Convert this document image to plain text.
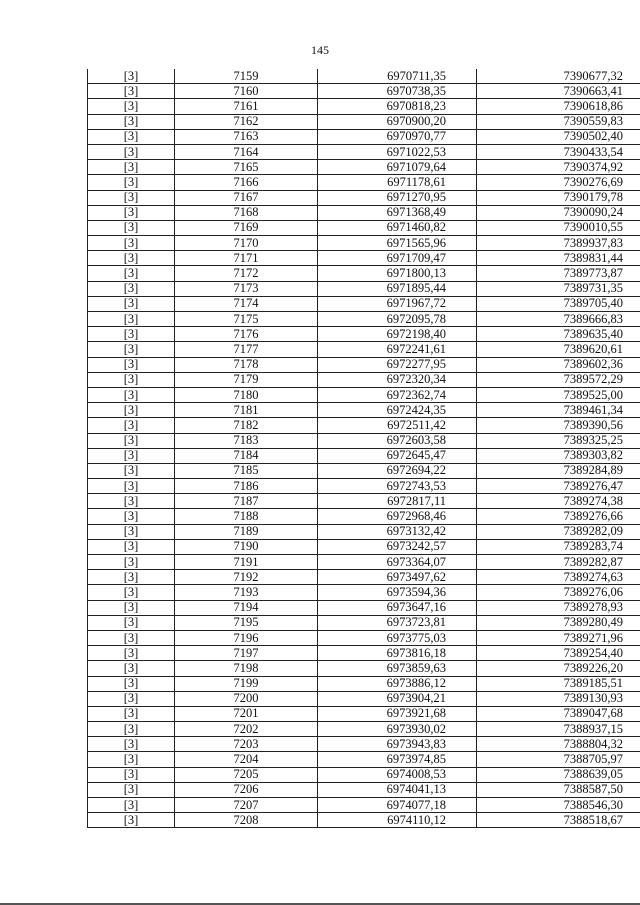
145
[3]	7159	6970711,35	7390677,32
[3]	7160	6970738,35	7390663,41
[3]	7161	6970818,23	7390618,86
[3]	7162	6970900,20	7390559,83
[3]	7163	6970970,77	7390502,40
[3]	7164	6971022,53	7390433,54
[3]	7165	6971079,64	7390374,92
[3]	7166	6971178,61	7390276,69
[3]	7167	6971270,95	7390179,78
[3]	7168	6971368,49	7390090,24
[3]	7169	6971460,82	7390010,55
[3]	7170	6971565,96	7389937,83
[3]	7171	6971709,47	7389831,44
[3]	7172	6971800,13	7389773,87
[3]	7173	6971895,44	7389731,35
[3]	7174	6971967,72	7389705,40
[3]	7175	6972095,78	7389666,83
[3]	7176	6972198,40	7389635,40
[3]	7177	6972241,61	7389620,61
[3]	7178	6972277,95	7389602,36
[3]	7179	6972320,34	7389572,29
[3]	7180	6972362,74	7389525,00
[3]	7181	6972424,35	7389461,34
[3]	7182	6972511,42	7389390,56
[3]	7183	6972603,58	7389325,25
[3]	7184	6972645,47	7389303,82
[3]	7185	6972694,22	7389284,89
[3]	7186	6972743,53	7389276,47
[3]	7187	6972817,11	7389274,38
[3]	7188	6972968,46	7389276,66
[3]	7189	6973132,42	7389282,09
[3]	7190	6973242,57	7389283,74
[3]	7191	6973364,07	7389282,87
[3]	7192	6973497,62	7389274,63
[3]	7193	6973594,36	7389276,06
[3]	7194	6973647,16	7389278,93
[3]	7195	6973723,81	7389280,49
[3]	7196	6973775,03	7389271,96
[3]	7197	6973816,18	7389254,40
[3]	7198	6973859,63	7389226,20
[3]	7199	6973886,12	7389185,51
[3]	7200	6973904,21	7389130,93
[3]	7201	6973921,68	7389047,68
[3]	7202	6973930,02	7388937,15
[3]	7203	6973943,83	7388804,32
[3]	7204	6973974,85	7388705,97
[3]	7205	6974008,53	7388639,05
[3]	7206	6974041,13	7388587,50
[3]	7207	6974077,18	7388546,30
[3]	7208	6974110,12	7388518,67
